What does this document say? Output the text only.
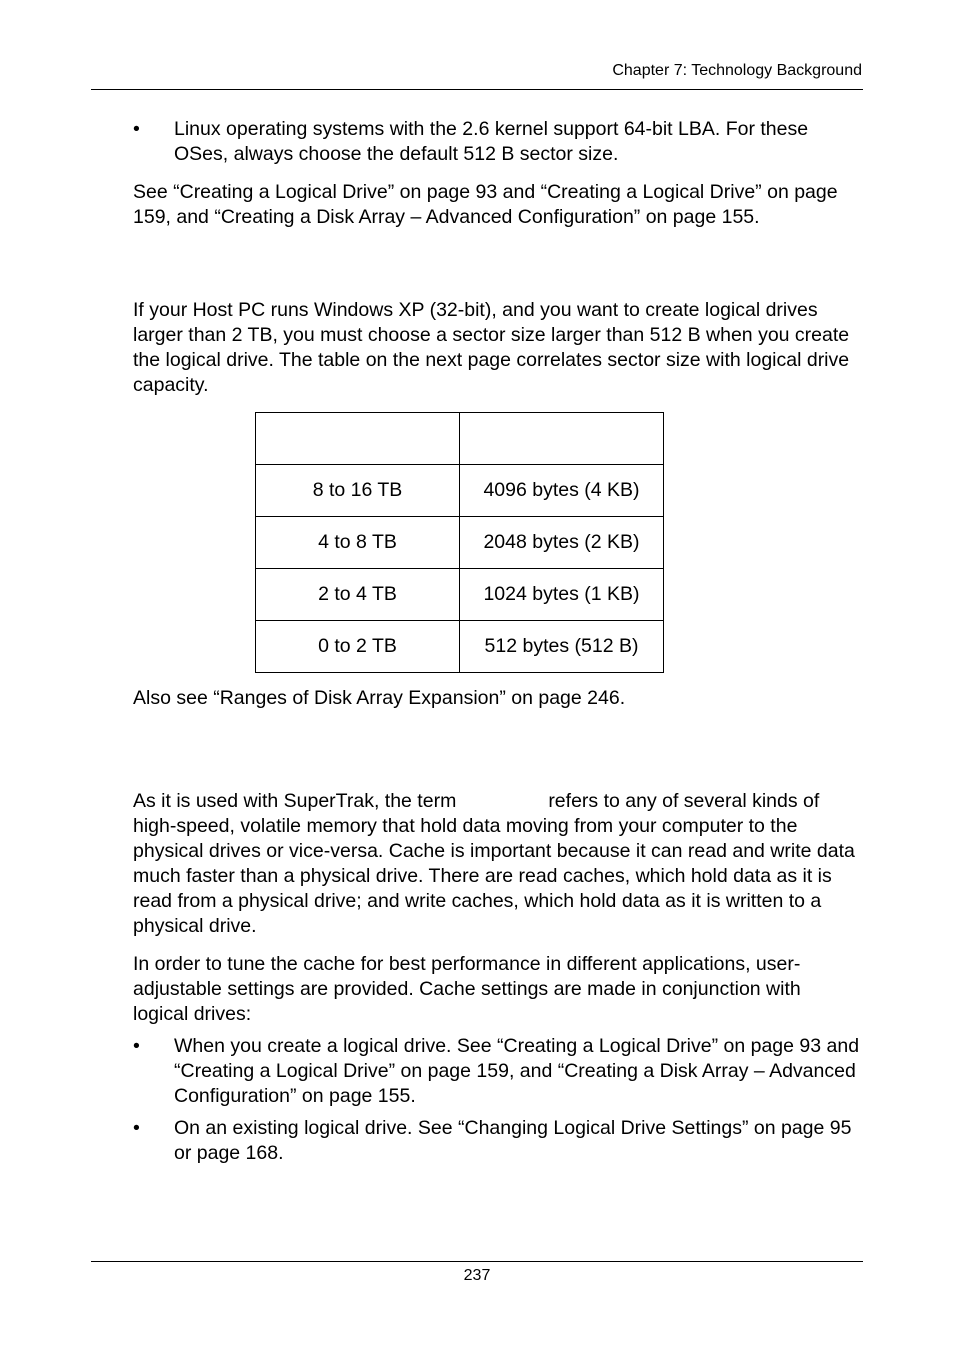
Chapter 7: Technology Background
• Linux operating systems with the 2.6 kernel support 64-bit LBA. For these OSes, always choose the default 512 B sector size.

See “Creating a Logical Drive” on page 93 and “Creating a Logical Drive” on page 159, and “Creating a Disk Array – Advanced Configuration” on page 155.

If your Host PC runs Windows XP (32-bit), and you want to create logical drives larger than 2 TB, you must choose a sector size larger than 512 B when you create the logical drive. The table on the next page correlates sector size with logical drive capacity.

8 to 16 TB	4096 bytes (4 KB)
4 to 8 TB	2048 bytes (2 KB)
2 to 4 TB	1024 bytes (1 KB)
0 to 2 TB	512 bytes (512 B)

Also see “Ranges of Disk Array Expansion” on page 246.

As it is used with SuperTrak, the term	refers to any of several kinds of high-speed, volatile memory that hold data moving from your computer to the physical drives or vice-versa. Cache is important because it can read and write data much faster than a physical drive. There are read caches, which hold data as it is read from a physical drive; and write caches, which hold data as it is written to a physical drive.

In order to tune the cache for best performance in different applications, user-adjustable settings are provided. Cache settings are made in conjunction with logical drives:

• When you create a logical drive. See “Creating a Logical Drive” on page 93 and “Creating a Logical Drive” on page 159, and “Creating a Disk Array – Advanced Configuration” on page 155.

• On an existing logical drive. See “Changing Logical Drive Settings” on page 95 or page 168.

237
